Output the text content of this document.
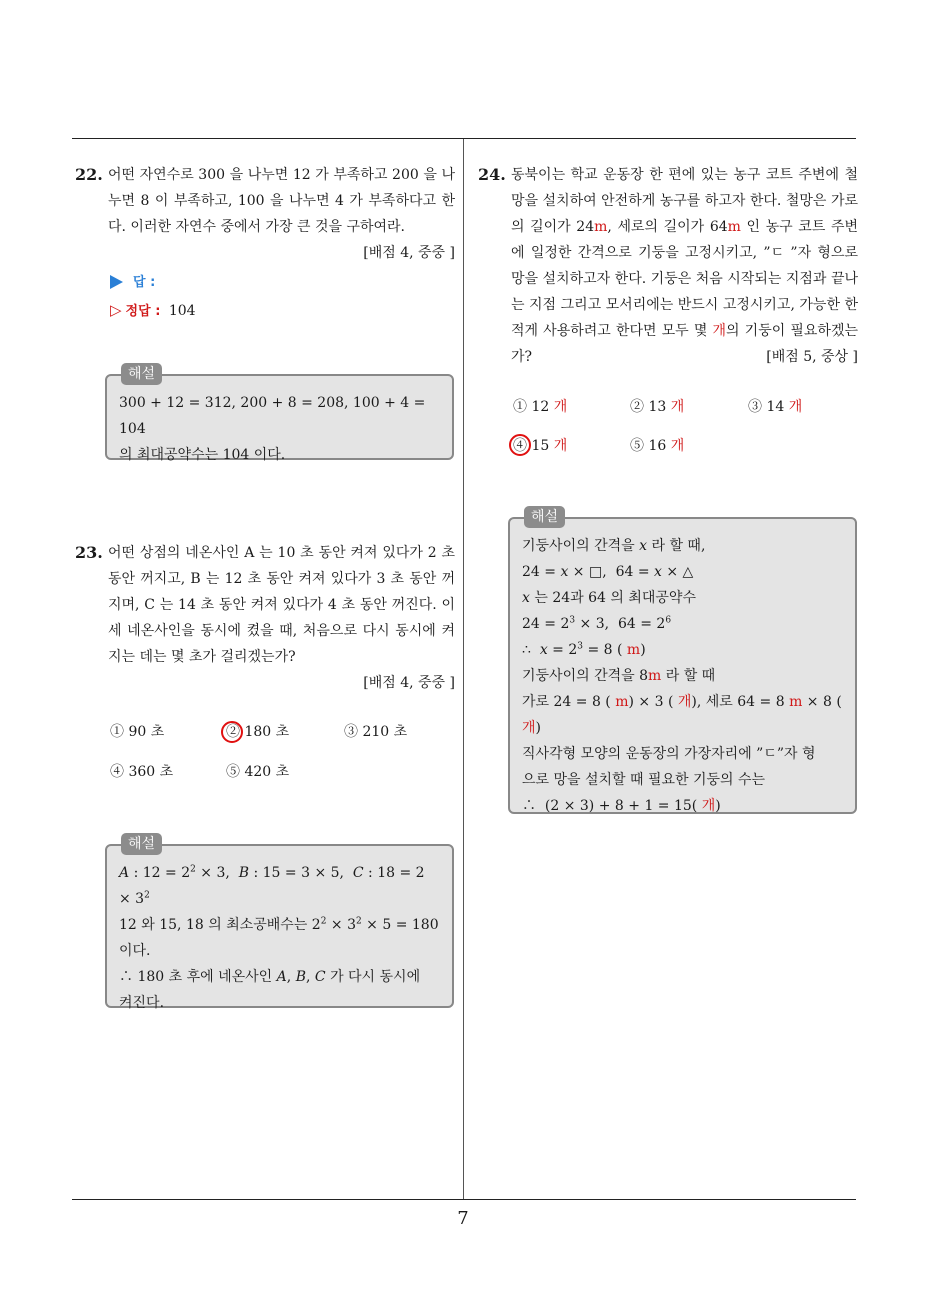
7
22. 어떤 자연수로 300 을 나누면 12 가 부족하고 200 을 나누면 8 이 부족하고, 100 을 나누면 4 가 부족하다고 한다. 이러한 자연수 중에서 가장 큰 것을 구하여라.
[배점 4, 중중 ]
답 :
▷ 정답 : 104
해설

300 + 12 = 312, 200 + 8 = 208, 100 + 4 = 104

의 최대공약수는 104 이다.

23. 어떤 상점의 네온사인 A 는 10 초 동안 켜져 있다가 2 초 동안 꺼지고, B 는 12 초 동안 켜져 있다가 3 초 동안 꺼지며, C 는 14 초 동안 켜져 있다가 4 초 동안 꺼진다. 이 세 네온사인을 동시에 켰을 때, 처음으로 다시 동시에 켜지는 데는 몇 초가 걸리겠는가?
[배점 4, 중중 ]
① 90 초	② 180 초	③ 210 초
④ 360 초	⑤ 420 초
해설

A : $12 = 2^2 \times 3$,  B : 15 = 3 × 5,  C : $18 = 2 \times 3^2$

12 와 15, 18 의 최소공배수는 $2^2 \times 3^2 \times 5 = 180$

이다.

∴ 180 초 후에 네온사인 A, B, C 가 다시 동시에

켜진다.

24. 동북이는 학교 운동장 한 편에 있는 농구 코트 주변에 철망을 설치하여 안전하게 농구를 하고자 한다. 철망은 가로의 길이가 24m, 세로의 길이가 64m 인 농구 코트 주변에 일정한 간격으로 기둥을 고정시키고, ”ㄷ ”자 형으로 망을 설치하고자 한다. 기둥은 처음 시작되는 지점과 끝나는 지점 그리고 모서리에는 반드시 고정시키고, 가능한 한 적게 사용하려고 한다면 모두 몇 개의 기둥이 필요하겠는가?	[배점 5, 중상 ]
① 12 개	② 13 개	③ 14 개
④ 15 개	⑤ 16 개
해설

기둥사이의 간격을 x 라 할 때,

24 = x × □,  64 = x × △

x 는 24과 64 의 최대공약수

$24 = 2^3 \times 3$,  $64 = 2^6$

∴  $x = 2^3 = 8$ ( m)

기둥사이의 간격을 8m 라 할 때

가로 24 = 8 ( m) × 3 ( 개), 세로 64 = 8 m × 8 ( 개)

직사각형 모양의 운동장의 가장자리에 ”ㄷ”자 형

으로 망을 설치할 때 필요한 기둥의 수는

∴  (2 × 3) + 8 + 1 = 15( 개)
